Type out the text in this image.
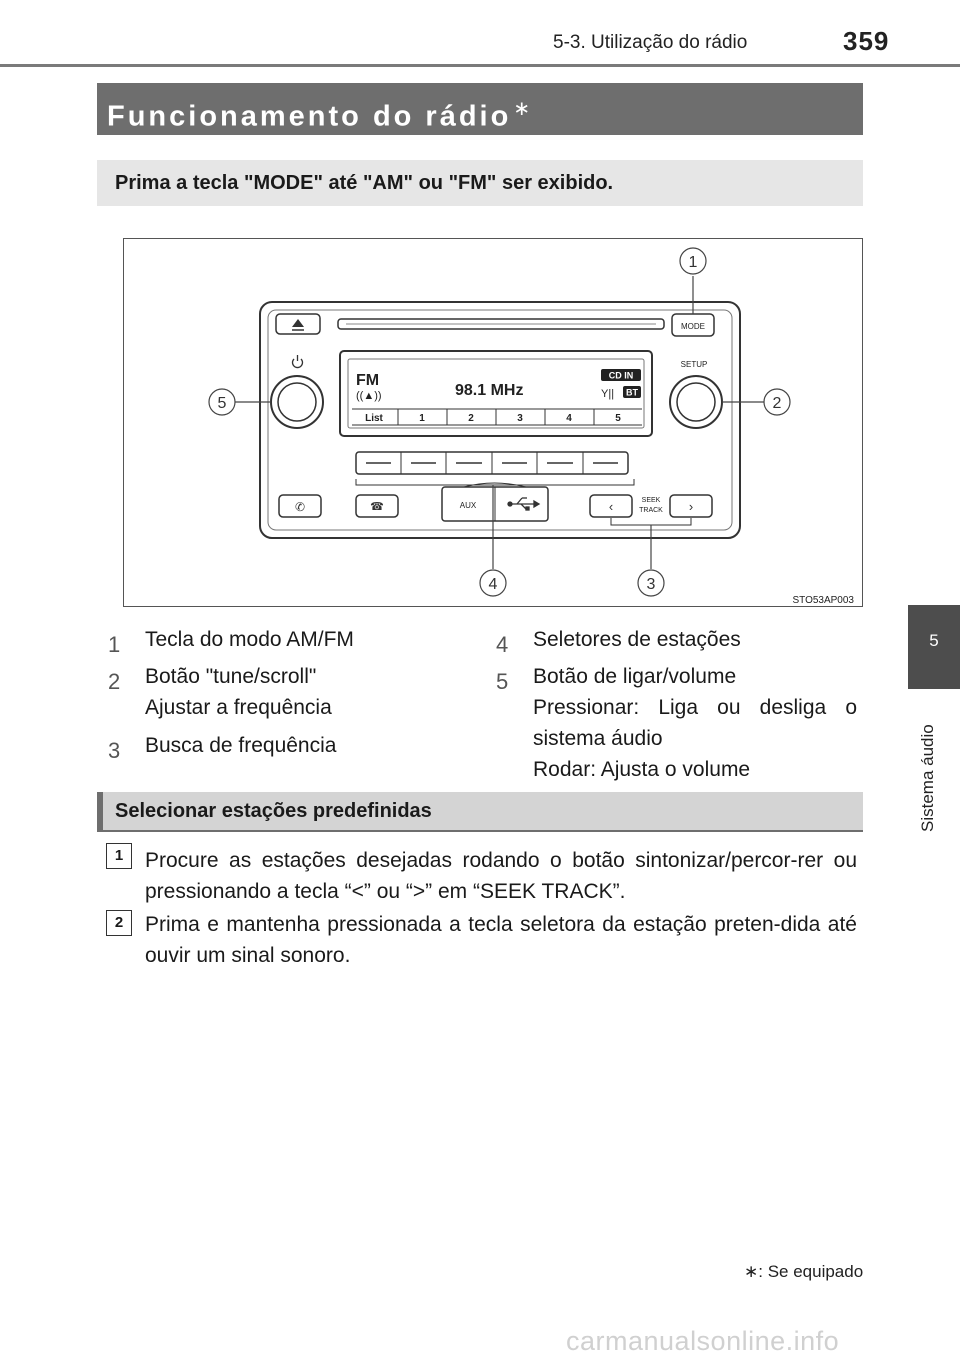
5-3. Utilização do rádio	359
5
Sistema áudio
Funcionamento do rádio ∗
Prima a tecla "MODE" até "AM" ou "FM" ser exibido.
MODE
SETUP
FM
((▲))	98.1 MHz
CD IN
Y|| BT
List	1	2	3	4	5
✆	☎	AUX	‹	SEEK
TRACK ›
1
2
3
4
5
STO53AP003
1 Tecla do modo AM/FM
2 Botão "tune/scroll"
Ajustar a frequência
3 Busca de frequência
4 Seletores de estações
5 Botão de ligar/volume
Pressionar: Liga ou desliga o
sistema áudio
Rodar: Ajusta o volume
Selecionar estações predefinidas
1	Procure as estações desejadas rodando o botão sintonizar/percor-rer ou pressionando a tecla “<” ou “>” em “SEEK TRACK”.
2	Prima e mantenha pressionada a tecla seletora da estação preten-dida até ouvir um sinal sonoro.
∗: Se equipado
carmanualsonline.info
